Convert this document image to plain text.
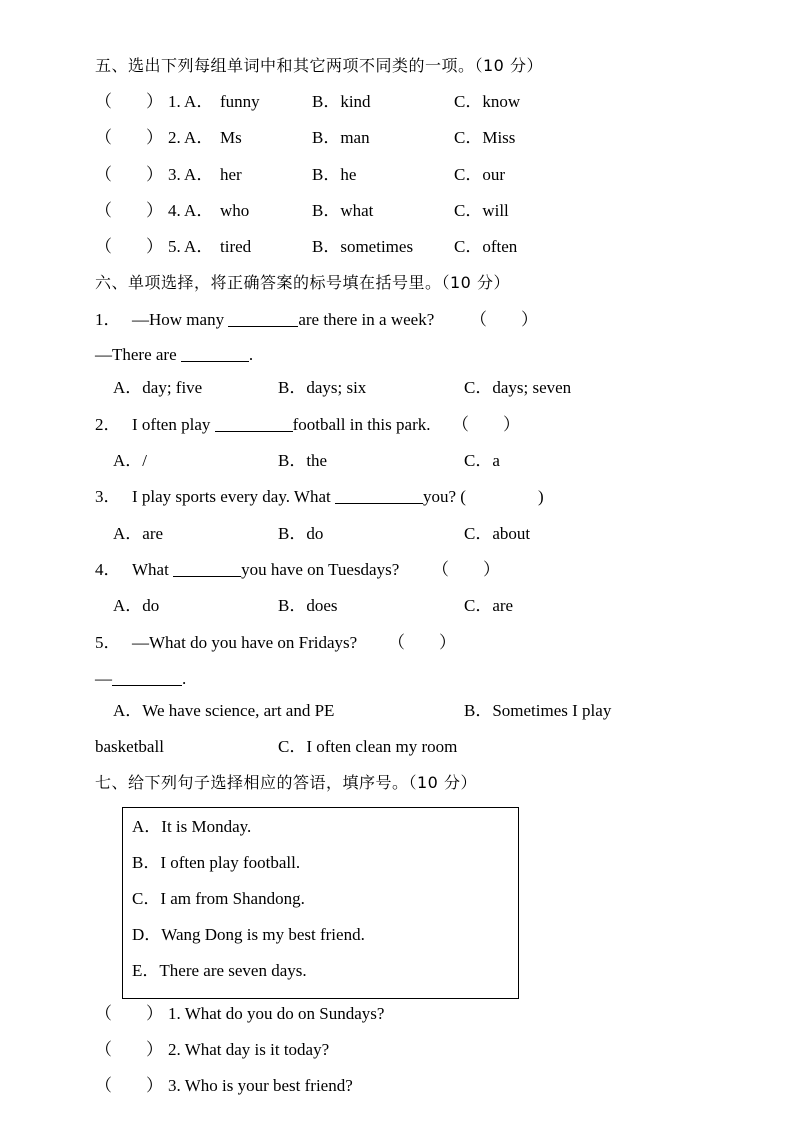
五、选出下列每组单词中和其它两项不同类的一项。（10 分）
（　　） 1. A． funny	B．kind	C．know
（　　） 2. A． Ms	B．man	C．Miss
（　　） 3. A． her	B．he	C．our
（　　） 4. A． who	B．what	C．will
（　　） 5. A． tired	B．sometimes C．often
六、单项选择，将正确答案的标号填在括号里。（10 分）
1． —How many	are there in a week? （　　）
—There are	.
A．day; five	B．days; six	C．days; seven
2． I often play	football in this park. （　　）
A．/	B．the	C．a
3． I play sports every day. What	you? (	)
A．are	B．do	C．about
4． What	you have on Tuesdays? （　　）
A．do	B．does	C．are
5． —What do you have on Fridays? （　　）
—	.
A．We have science, art and PE	B．Sometimes I play
basketball	C．I often clean my room
七、给下列句子选择相应的答语，填序号。（10 分）
A．It is Monday.
B．I often play football.
C．I am from Shandong.
D．Wang Dong is my best friend.
E．There are seven days.
（　　） 1. What do you do on Sundays?
（　　） 2. What day is it today?
（　　） 3. Who is your best friend?
